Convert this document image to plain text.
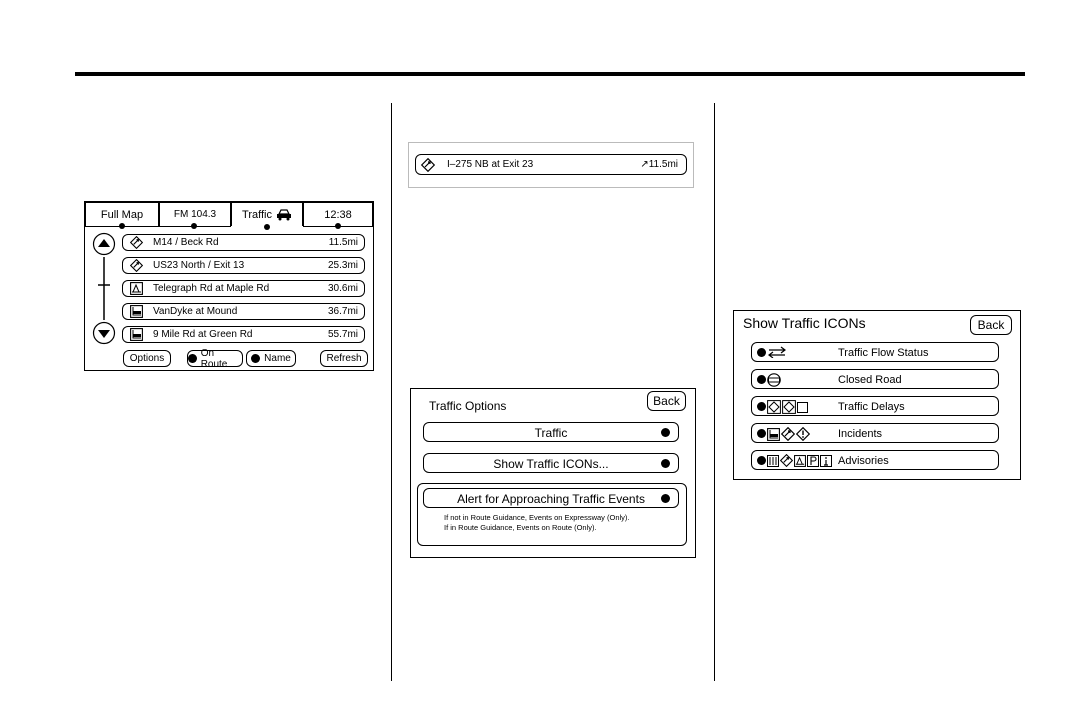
Full Map	FM 104.3 Traffic	12:38
M14 / Beck Rd	11.5mi
US23 North / Exit 13	25.3mi
Telegraph Rd at Maple Rd	30.6mi
VanDyke at Mound	36.7mi
9 Mile Rd at Green Rd	55.7mi
Options	On Route	Name	Refresh
I–275 NB at Exit 23	↗11.5mi
Traffic Options	Back
Traffic
Show Traffic ICONs...
Alert for Approaching Traffic Events
If not in Route Guidance, Events on Expressway (Only).
If in Route Guidance, Events on Route (Only).
Show Traffic ICONs	Back
Traffic Flow Status
Closed Road
Traffic Delays
Incidents
Advisories
